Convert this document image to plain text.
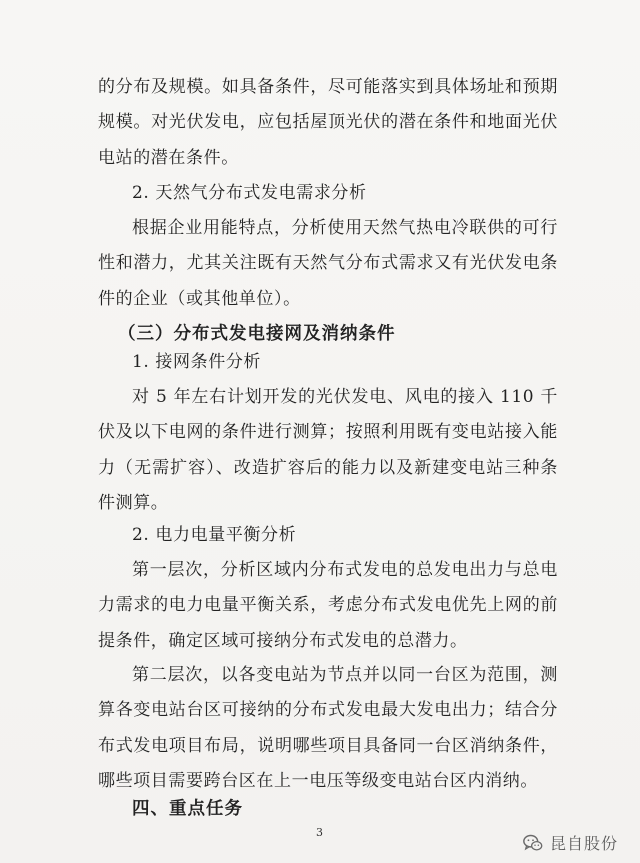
的分布及规模。如具备条件，尽可能落实到具体场址和预期规模。对光伏发电，应包括屋顶光伏的潜在条件和地面光伏电站的潜在条件。

2. 天然气分布式发电需求分析

根据企业用能特点，分析使用天然气热电冷联供的可行性和潜力，尤其关注既有天然气分布式需求又有光伏发电条件的企业（或其他单位）。

（三）分布式发电接网及消纳条件

1. 接网条件分析

对 5 年左右计划开发的光伏发电、风电的接入 110 千伏及以下电网的条件进行测算；按照利用既有变电站接入能力（无需扩容）、改造扩容后的能力以及新建变电站三种条件测算。

2. 电力电量平衡分析

第一层次，分析区域内分布式发电的总发电出力与总电力需求的电力电量平衡关系，考虑分布式发电优先上网的前提条件，确定区域可接纳分布式发电的总潜力。

第二层次，以各变电站为节点并以同一台区为范围，测算各变电站台区可接纳的分布式发电最大发电出力；结合分布式发电项目布局，说明哪些项目具备同一台区消纳条件，哪些项目需要跨台区在上一电压等级变电站台区内消纳。

四、重点任务

3
昆自股份
